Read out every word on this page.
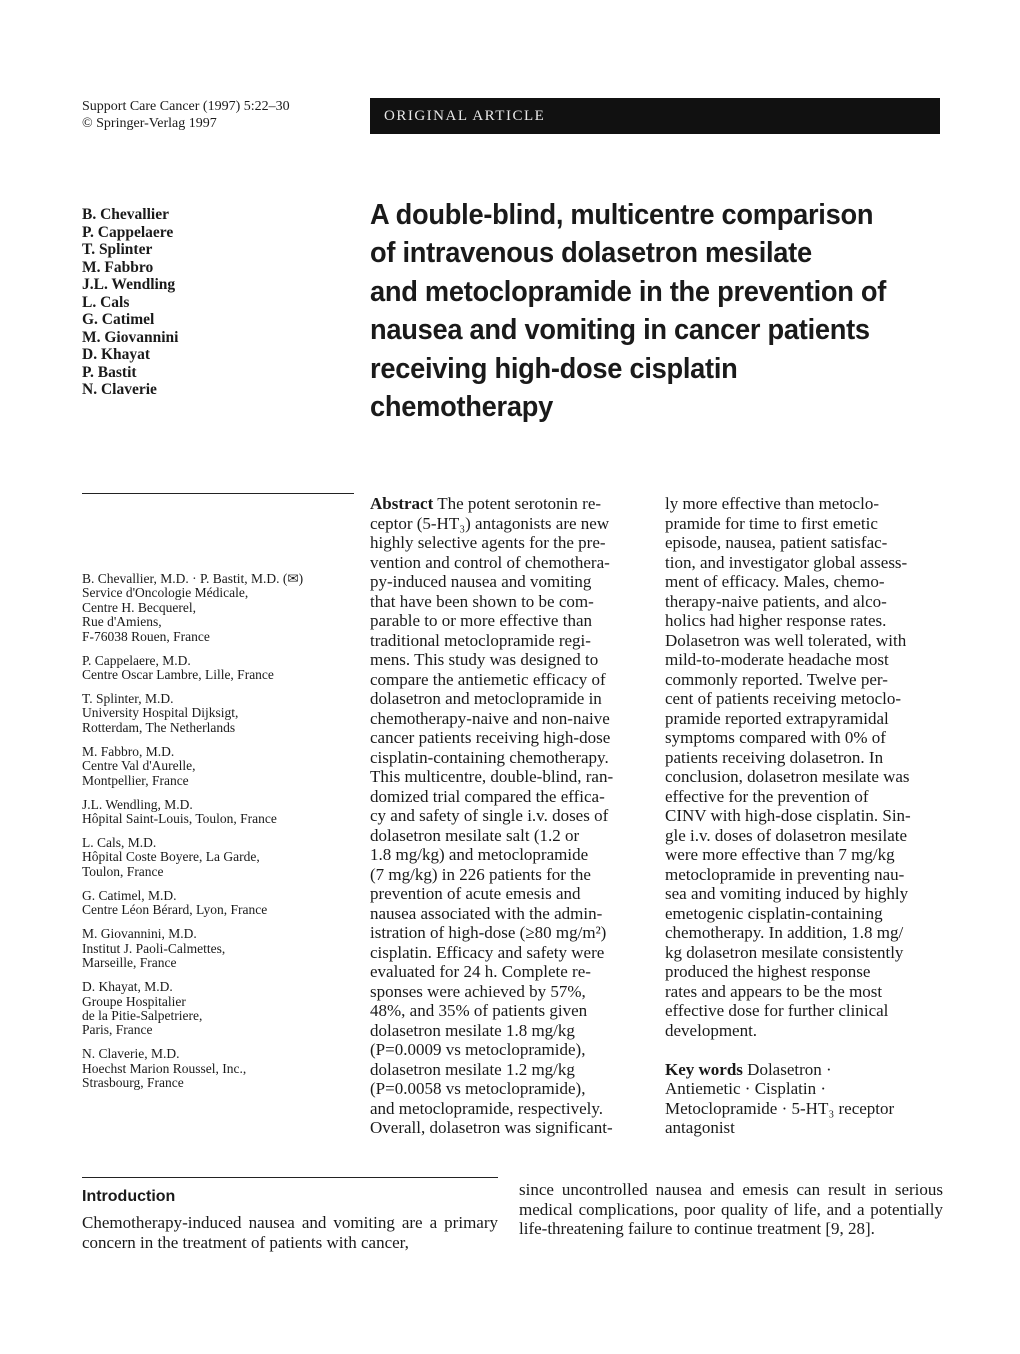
Support Care Cancer (1997) 5:22–30
© Springer-Verlag 1997	ORIGINAL ARTICLE
B. Chevallier
P. Cappelaere
T. Splinter
M. Fabbro
J.L. Wendling
L. Cals
G. Catimel
M. Giovannini
D. Khayat
P. Bastit
N. Claverie
A double-blind, multicentre comparison
of intravenous dolasetron mesilate
and metoclopramide in the prevention of
nausea and vomiting in cancer patients
receiving high-dose cisplatin
chemotherapy
B. Chevallier, M.D. · P. Bastit, M.D. (✉)
Service d'Oncologie Médicale,
Centre H. Becquerel,
Rue d'Amiens,
F-76038 Rouen, France
P. Cappelaere, M.D.
Centre Oscar Lambre, Lille, France
T. Splinter, M.D.
University Hospital Dijksigt,
Rotterdam, The Netherlands
M. Fabbro, M.D.
Centre Val d'Aurelle,
Montpellier, France
J.L. Wendling, M.D.
Hôpital Saint-Louis, Toulon, France
L. Cals, M.D.
Hôpital Coste Boyere, La Garde,
Toulon, France
G. Catimel, M.D.
Centre Léon Bérard, Lyon, France
M. Giovannini, M.D.
Institut J. Paoli-Calmettes,
Marseille, France
D. Khayat, M.D.
Groupe Hospitalier
de la Pitie-Salpetriere,
Paris, France
N. Claverie, M.D.
Hoechst Marion Roussel, Inc.,
Strasbourg, France
Abstract The potent serotonin re-
ceptor (5-HT₃) antagonists are new
highly selective agents for the pre-
vention and control of chemothera-
py-induced nausea and vomiting
that have been shown to be com-
parable to or more effective than
traditional metoclopramide regi-
mens. This study was designed to
compare the antiemetic efficacy of
dolasetron and metoclopramide in
chemotherapy-naive and non-naive
cancer patients receiving high-dose
cisplatin-containing chemotherapy.
This multicentre, double-blind, ran-
domized trial compared the effica-
cy and safety of single i.v. doses of
dolasetron mesilate salt (1.2 or
1.8 mg/kg) and metoclopramide
(7 mg/kg) in 226 patients for the
prevention of acute emesis and
nausea associated with the admin-
istration of high-dose (≥80 mg/m²)
cisplatin. Efficacy and safety were
evaluated for 24 h. Complete re-
sponses were achieved by 57%,
48%, and 35% of patients given
dolasetron mesilate 1.8 mg/kg
(P=0.0009 vs metoclopramide),
dolasetron mesilate 1.2 mg/kg
(P=0.0058 vs metoclopramide),
and metoclopramide, respectively.
Overall, dolasetron was significant-
ly more effective than metoclo-
pramide for time to first emetic
episode, nausea, patient satisfac-
tion, and investigator global assess-
ment of efficacy. Males, chemo-
therapy-naive patients, and alco-
holics had higher response rates.
Dolasetron was well tolerated, with
mild-to-moderate headache most
commonly reported. Twelve per-
cent of patients receiving metoclo-
pramide reported extrapyramidal
symptoms compared with 0% of
patients receiving dolasetron. In
conclusion, dolasetron mesilate was
effective for the prevention of
CINV with high-dose cisplatin. Sin-
gle i.v. doses of dolasetron mesilate
were more effective than 7 mg/kg
metoclopramide in preventing nau-
sea and vomiting induced by highly
emetogenic cisplatin-containing
chemotherapy. In addition, 1.8 mg/
kg dolasetron mesilate consistently
produced the highest response
rates and appears to be the most
effective dose for further clinical
development.
Key words Dolasetron ·
Antiemetic · Cisplatin ·
Metoclopramide · 5-HT₃ receptor
antagonist
Introduction
Chemotherapy-induced nausea and vomiting are a primary concern in the treatment of patients with cancer,
since uncontrolled nausea and emesis can result in serious medical complications, poor quality of life, and a potentially life-threatening failure to continue treatment [9, 28].
